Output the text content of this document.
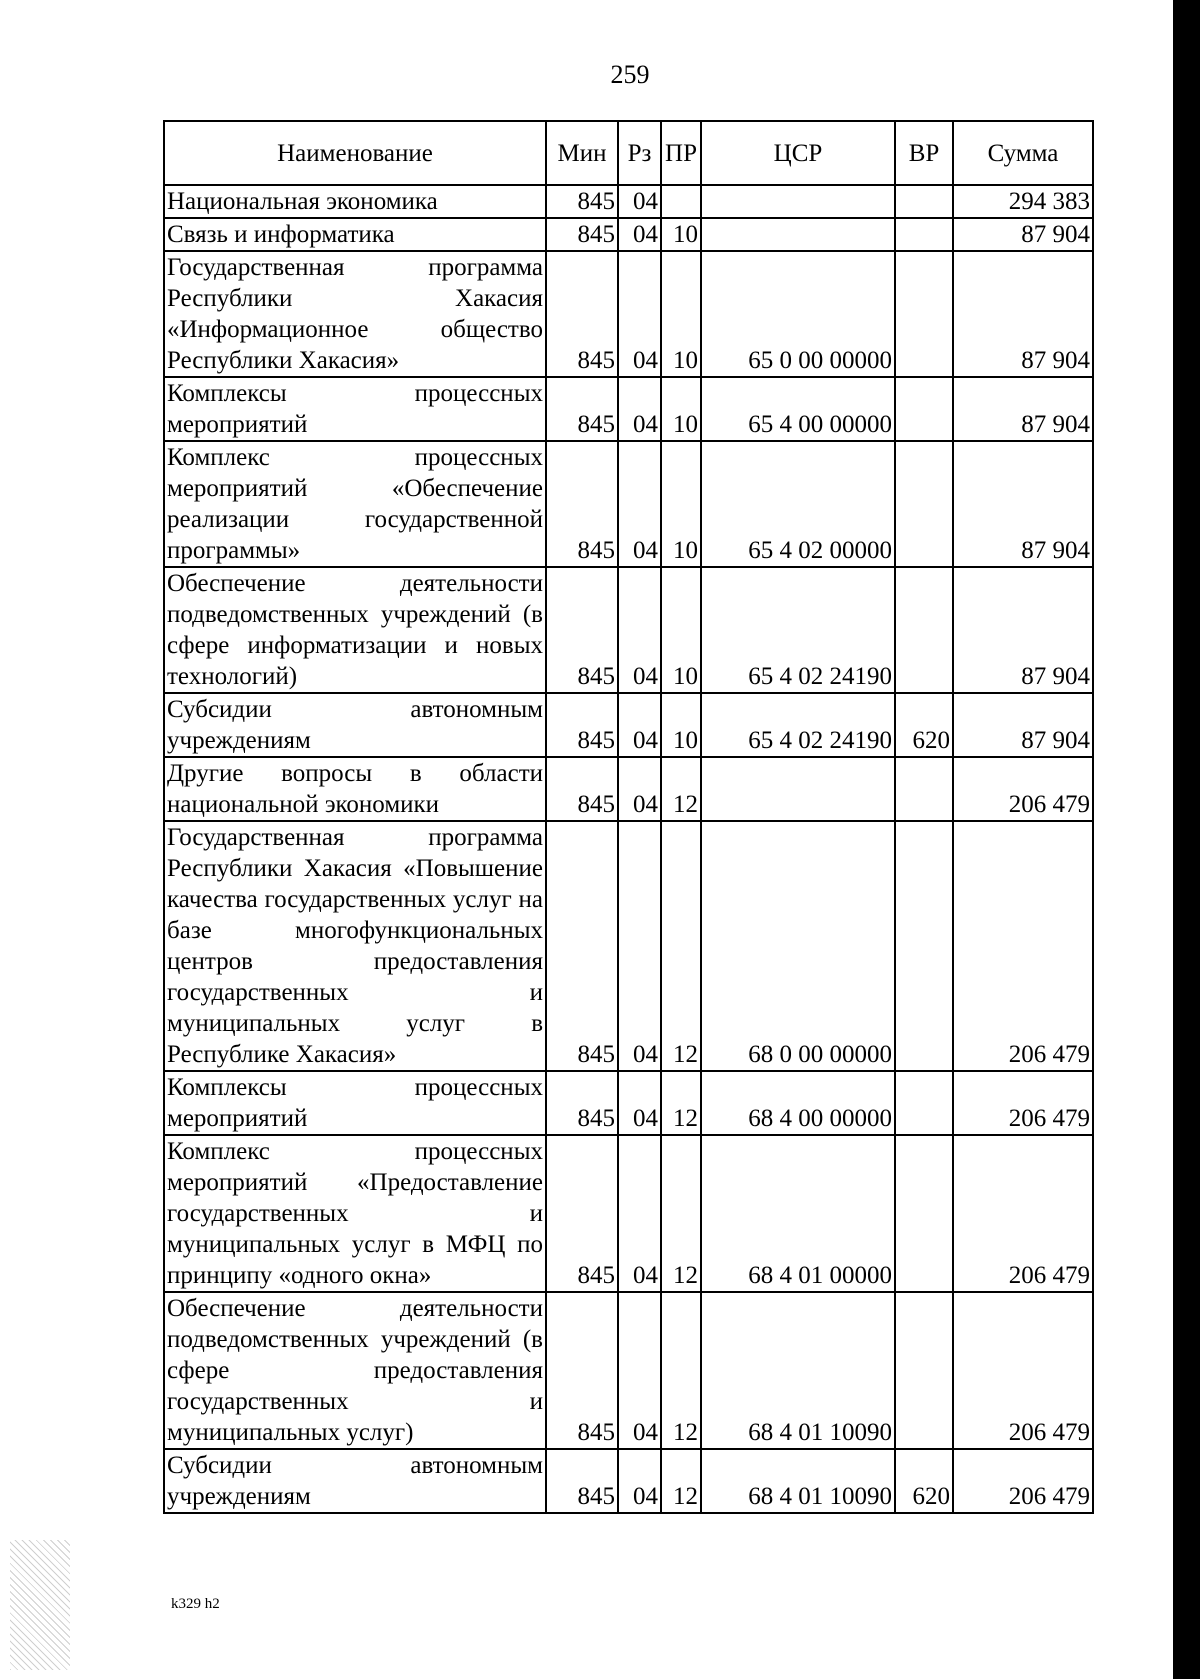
259
Наименование	Мин	Рз	ПР	ЦСР	ВР	Сумма
Национальная экономика	845	04				294 383
Связь и информатика	845	04	10			87 904
Государственная программа Республики Хакасия «Информационное общество Республики Хакасия»	845	04	10	65 0 00 00000		87 904
Комплексы процессных мероприятий	845	04	10	65 4 00 00000		87 904
Комплекс процессных мероприятий «Обеспечение реализации государственной программы»	845	04	10	65 4 02 00000		87 904
Обеспечение деятельности подведомственных учреждений (в сфере информатизации и новых технологий)	845	04	10	65 4 02 24190		87 904
Субсидии автономным учреждениям	845	04	10	65 4 02 24190	620	87 904
Другие вопросы в области национальной экономики	845	04	12			206 479
Государственная программа Республики Хакасия «Повышение качества государственных услуг на базе многофункциональных центров предоставления государственных и муниципальных услуг в Республике Хакасия»	845	04	12	68 0 00 00000		206 479
Комплексы процессных мероприятий	845	04	12	68 4 00 00000		206 479
Комплекс процессных мероприятий «Предоставление государственных и муниципальных услуг в МФЦ по принципу «одного окна»	845	04	12	68 4 01 00000		206 479
Обеспечение деятельности подведомственных учреждений (в сфере предоставления государственных и муниципальных услуг)	845	04	12	68 4 01 10090		206 479
Субсидии автономным учреждениям	845	04	12	68 4 01 10090	620	206 479
k329 h2
